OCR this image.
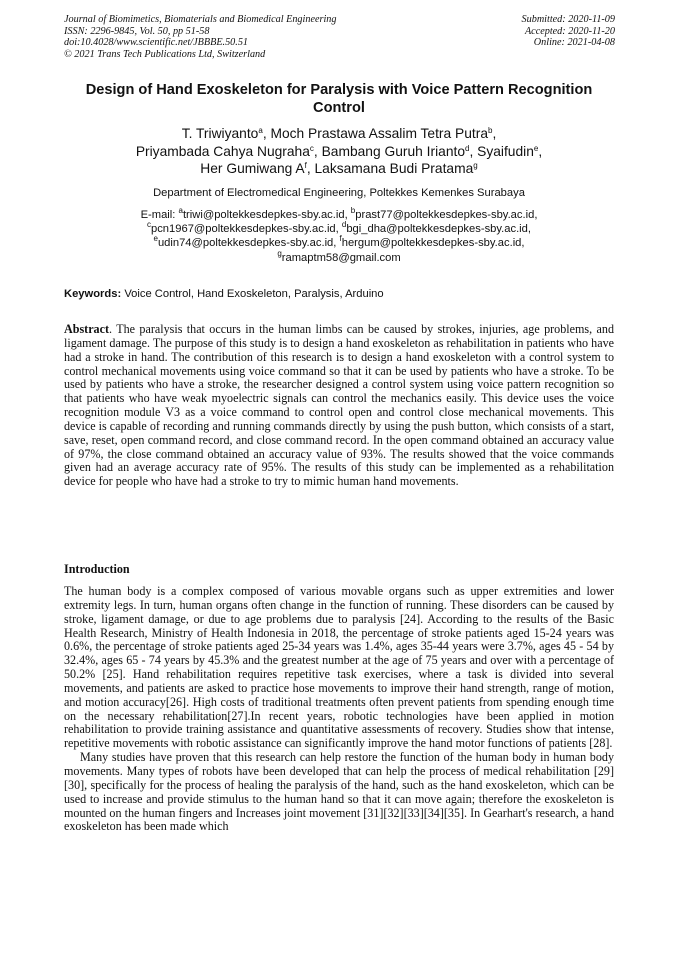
Journal of Biomimetics, Biomaterials and Biomedical Engineering
ISSN: 2296-9845, Vol. 50, pp 51-58
doi:10.4028/www.scientific.net/JBBBE.50.51
© 2021 Trans Tech Publications Ltd, Switzerland
Submitted: 2020-11-09
Accepted: 2020-11-20
Online: 2021-04-08
Design of Hand Exoskeleton for Paralysis with Voice Pattern Recognition Control
T. Triwiyanto$^a$, Moch Prastawa Assalim Tetra Putra$^b$,
Priyambada Cahya Nugraha$^c$, Bambang Guruh Irianto$^d$, Syaifudin$^e$,
Her Gumiwang $A^f$, Laksamana Budi Pratama$^g$
Department of Electromedical Engineering, Poltekkes Kemenkes Surabaya
E-mail: $^a$triwi@poltekkesdepkes-sby.ac.id, $^b$prast77@poltekkesdepkes-sby.ac.id,
$^c$pcn1967@poltekkesdepkes-sby.ac.id, $^d$bgi_dha@poltekkesdepkes-sby.ac.id,
$^e$udin74@poltekkesdepkes-sby.ac.id, $^f$hergum@poltekkesdepkes-sby.ac.id,
$^g$ramaptm58@gmail.com
Keywords: Voice Control, Hand Exoskeleton, Paralysis, Arduino
Abstract. The paralysis that occurs in the human limbs can be caused by strokes, injuries, age problems, and ligament damage. The purpose of this study is to design a hand exoskeleton as rehabilitation in patients who have had a stroke in hand. The contribution of this research is to design a hand exoskeleton with a control system to control mechanical movements using voice command so that it can be used by patients who have a stroke. To be used by patients who have a stroke, the researcher designed a control system using voice pattern recognition so that patients who have weak myoelectric signals can control the mechanics easily. This device uses the voice recognition module V3 as a voice command to control open and control close mechanical movements. This device is capable of recording and running commands directly by using the push button, which consists of a start, save, reset, open command record, and close command record. In the open command obtained an accuracy value of 97%, the close command obtained an accuracy value of 93%. The results showed that the voice commands given had an average accuracy rate of 95%. The results of this study can be implemented as a rehabilitation device for people who have had a stroke to try to mimic human hand movements.
Introduction

The human body is a complex composed of various movable organs such as upper extremities and lower extremity legs. In turn, human organs often change in the function of running. These disorders can be caused by stroke, ligament damage, or due to age problems due to paralysis [24]. According to the results of the Basic Health Research, Ministry of Health Indonesia in 2018, the percentage of stroke patients aged 15-24 years was 0.6%, the percentage of stroke patients aged 25-34 years was 1.4%, ages 35-44 years were 3.7%, ages 45 - 54 by 32.4%, ages 65 - 74 years by 45.3% and the greatest number at the age of 75 years and over with a percentage of 50.2% [25]. Hand rehabilitation requires repetitive task exercises, where a task is divided into several movements, and patients are asked to practice hose movements to improve their hand strength, range of motion, and motion accuracy[26]. High costs of traditional treatments often prevent patients from spending enough time on the necessary rehabilitation[27].In recent years, robotic technologies have been applied in motion rehabilitation to provide training assistance and quantitative assessments of recovery. Studies show that intense, repetitive movements with robotic assistance can significantly improve the hand motor functions of patients [28].

Many studies have proven that this research can help restore the function of the human body in human body movements. Many types of robots have been developed that can help the process of medical rehabilitation [29] [30], specifically for the process of healing the paralysis of the hand, such as the hand exoskeleton, which can be used to increase and provide stimulus to the human hand so that it can move again; therefore the exoskeleton is mounted on the human fingers and Increases joint movement [31][32][33][34][35]. In Gearhart's research, a hand exoskeleton has been made which
